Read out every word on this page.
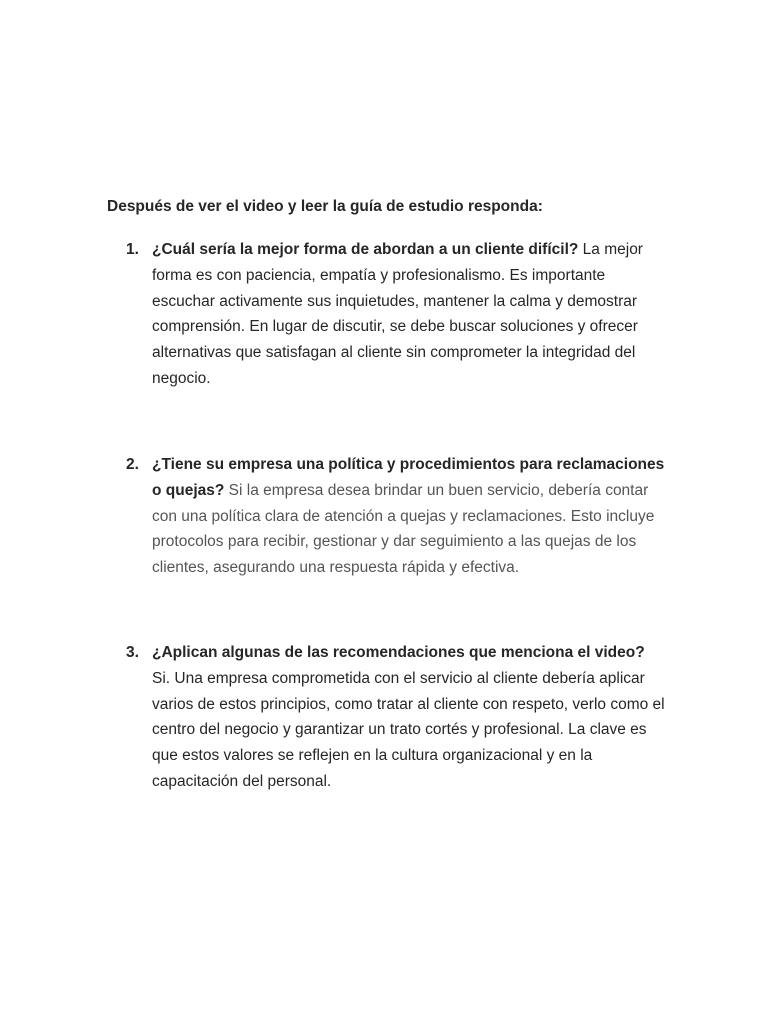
Después de ver el video y leer la guía de estudio responda:

1. ¿Cuál sería la mejor forma de abordan a un cliente difícil? La mejor forma es con paciencia, empatía y profesionalismo. Es importante escuchar activamente sus inquietudes, mantener la calma y demostrar comprensión. En lugar de discutir, se debe buscar soluciones y ofrecer alternativas que satisfagan al cliente sin comprometer la integridad del negocio.
2. ¿Tiene su empresa una política y procedimientos para reclamaciones o quejas? Si la empresa desea brindar un buen servicio, debería contar con una política clara de atención a quejas y reclamaciones. Esto incluye protocolos para recibir, gestionar y dar seguimiento a las quejas de los clientes, asegurando una respuesta rápida y efectiva.
3. ¿Aplican algunas de las recomendaciones que menciona el video? Si. Una empresa comprometida con el servicio al cliente debería aplicar varios de estos principios, como tratar al cliente con respeto, verlo como el centro del negocio y garantizar un trato cortés y profesional. La clave es que estos valores se reflejen en la cultura organizacional y en la capacitación del personal.
